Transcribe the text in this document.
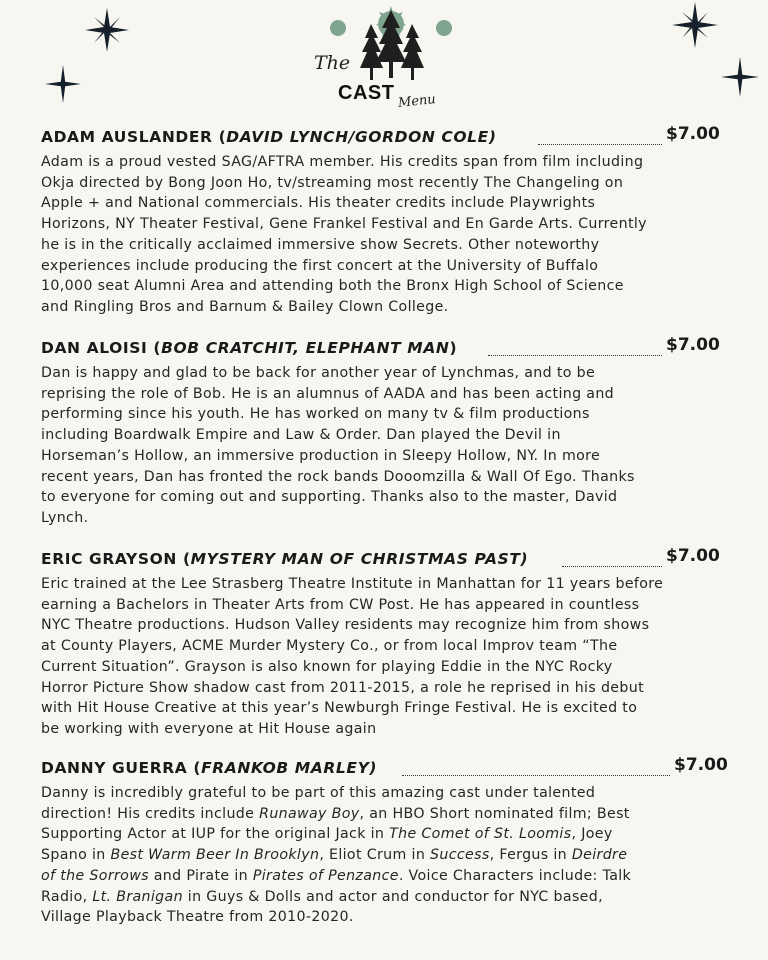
The
CAST Menu
ADAM AUSLANDER (DAVID LYNCH/GORDON COLE)	$7.00

Adam is a proud vested SAG/AFTRA member. His credits span from film including
Okja directed by Bong Joon Ho, tv/streaming most recently The Changeling on
Apple + and National commercials. His theater credits include Playwrights
Horizons, NY Theater Festival, Gene Frankel Festival and En Garde Arts. Currently
he is in the critically acclaimed immersive show Secrets. Other noteworthy
experiences include producing the first concert at the University of Buffalo
10,000 seat Alumni Area and attending both the Bronx High School of Science
and Ringling Bros and Barnum & Bailey Clown College.

DAN ALOISI (BOB CRATCHIT, ELEPHANT MAN)	$7.00

Dan is happy and glad to be back for another year of Lynchmas, and to be
reprising the role of Bob. He is an alumnus of AADA and has been acting and
performing since his youth. He has worked on many tv & film productions
including Boardwalk Empire and Law & Order. Dan played the Devil in
Horseman’s Hollow, an immersive production in Sleepy Hollow, NY. In more
recent years, Dan has fronted the rock bands Dooomzilla & Wall Of Ego. Thanks
to everyone for coming out and supporting. Thanks also to the master, David
Lynch.

ERIC GRAYSON (MYSTERY MAN OF CHRISTMAS PAST)	$7.00

Eric trained at the Lee Strasberg Theatre Institute in Manhattan for 11 years before
earning a Bachelors in Theater Arts from CW Post. He has appeared in countless
NYC Theatre productions. Hudson Valley residents may recognize him from shows
at County Players, ACME Murder Mystery Co., or from local Improv team “The
Current Situation”. Grayson is also known for playing Eddie in the NYC Rocky
Horror Picture Show shadow cast from 2011-2015, a role he reprised in his debut
with Hit House Creative at this year’s Newburgh Fringe Festival. He is excited to
be working with everyone at Hit House again

DANNY GUERRA (FRANKOB MARLEY)	$7.00

Danny is incredibly grateful to be part of this amazing cast under talented
direction! His credits include Runaway Boy, an HBO Short nominated film; Best
Supporting Actor at IUP for the original Jack in The Comet of St. Loomis, Joey
Spano in Best Warm Beer In Brooklyn, Eliot Crum in Success, Fergus in Deirdre
of the Sorrows and Pirate in Pirates of Penzance. Voice Characters include: Talk
Radio, Lt. Branigan in Guys & Dolls and actor and conductor for NYC based,
Village Playback Theatre from 2010-2020.
